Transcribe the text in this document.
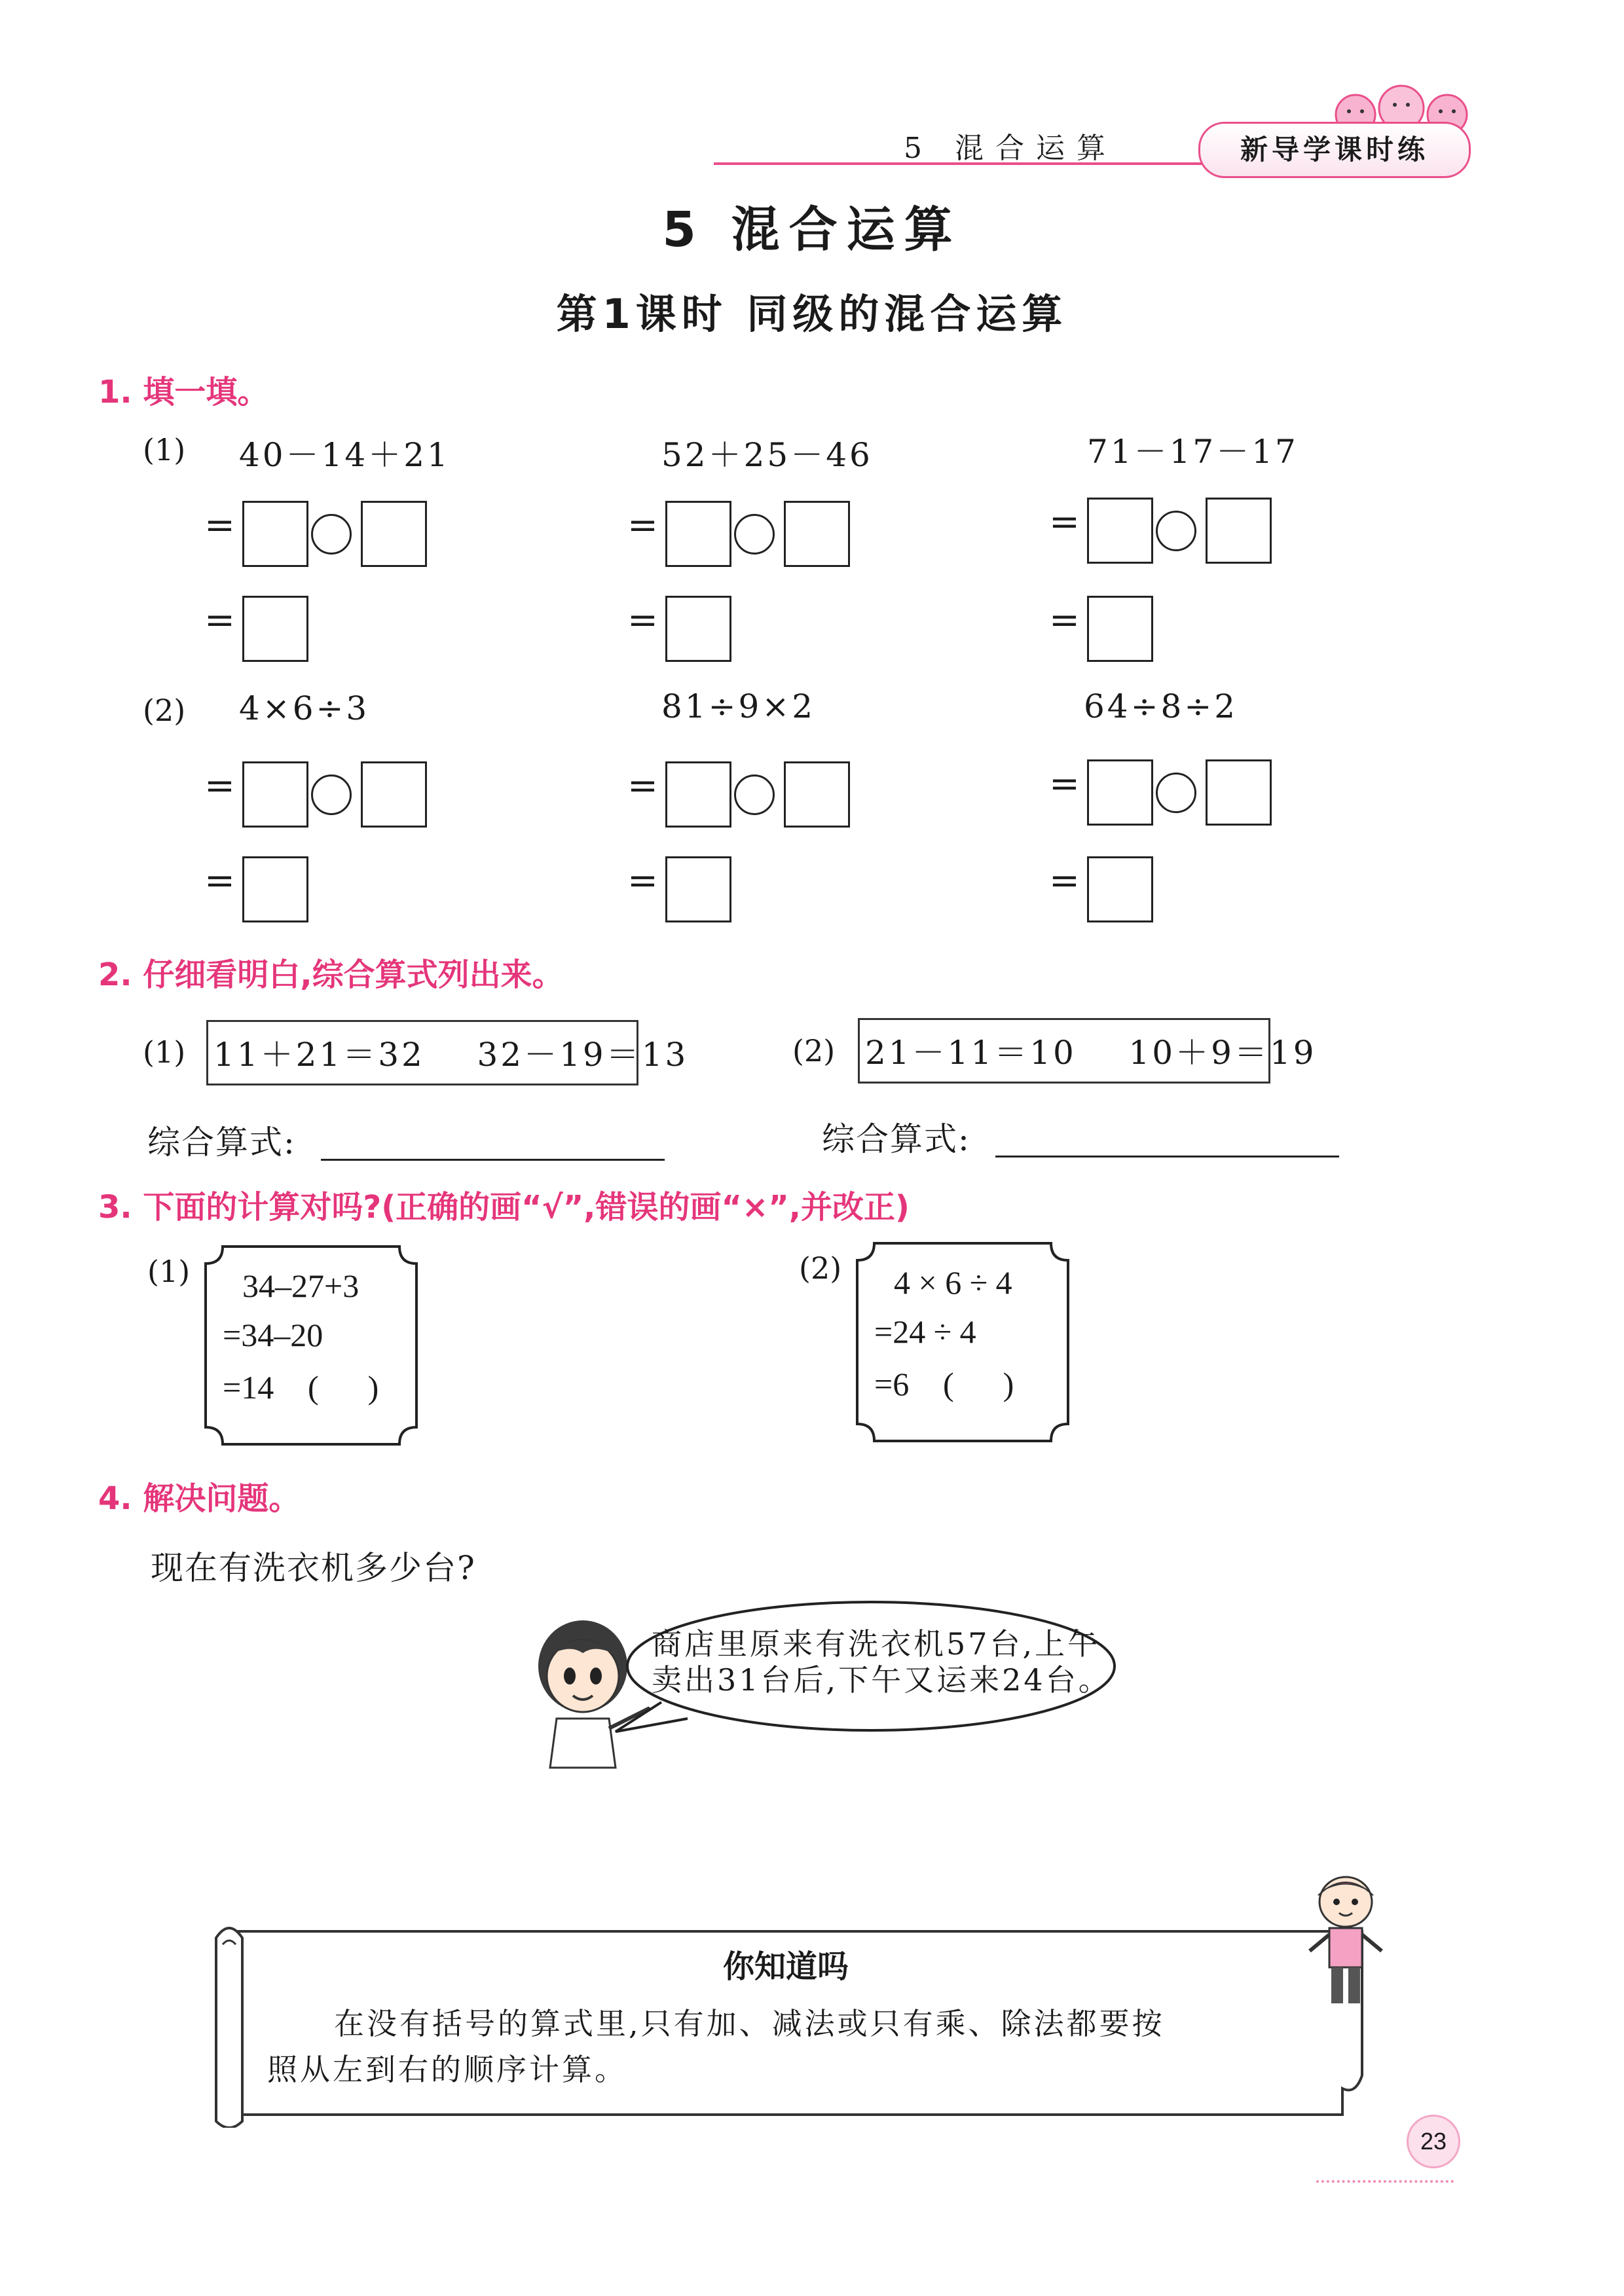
5 混合运算	新导学课时练
5 混合运算
第1课时 同级的混合运算
1. 填一填。
(1) 40－14＋21	52＋25－46	71－17－17
=
=
=
=
=
=
(2) 4×6÷3	81÷9×2	64÷8÷2
=
=
=
=
=
=
2. 仔细看明白,综合算式列出来。
(1) 11＋21＝32    32－19＝13	(2) 21－11＝10    10＋9＝19
综合算式:	综合算式:
3. 下面的计算对吗?(正确的画“√”,错误的画“×”,并改正)
(1) 34–27+3
=34–20
=14 (      )
(2) 4 × 6 ÷ 4
=24 ÷ 4
=6 (      )
4. 解决问题。
现在有洗衣机多少台?
商店里原来有洗衣机57台,上午
卖出31台后,下午又运来24台。
你知道吗
在没有括号的算式里,只有加、减法或只有乘、除法都要按
照从左到右的顺序计算。
23
